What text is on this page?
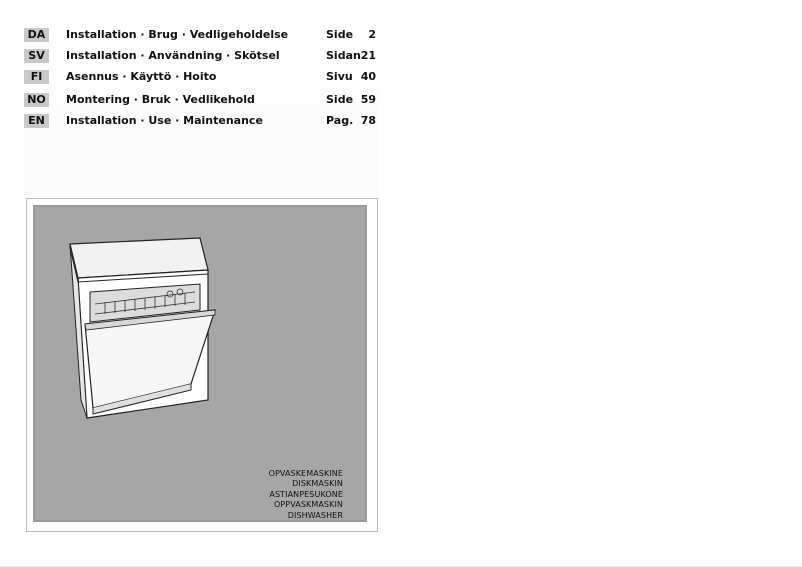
DA	Installation · Brug · Vedligeholdelse	Side 2
SV	Installation · Användning · Skötsel	Sidan 21
FI	Asennus · Käyttö · Hoito	Sivu 40
NO Montering · Bruk · Vedlikehold	Side 59
EN	Installation · Use · Maintenance	Pag. 78
OPVASKEMASKINE
DISKMASKIN
ASTIANPESUKONE
OPPVASKMASKIN
DISHWASHER
